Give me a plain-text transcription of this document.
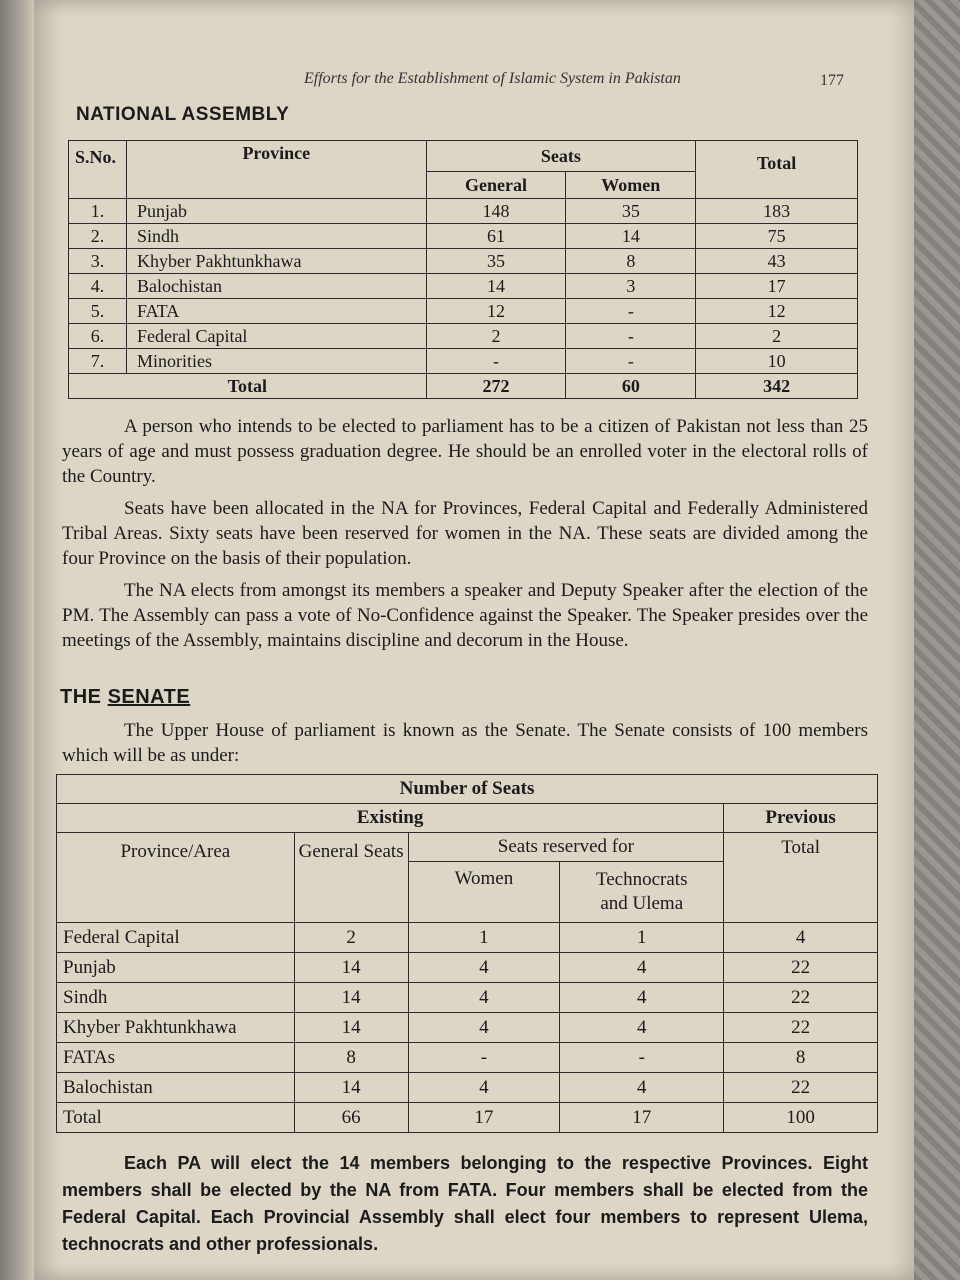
Efforts for the Establishment of Islamic System in Pakistan	177
NATIONAL ASSEMBLY
S.No.	Province	Seats		Total
		General	Women	
1.	Punjab	148	35	183
2.	Sindh	61	14	75
3.	Khyber Pakhtunkhawa	35	8	43
4.	Balochistan	14	3	17
5.	FATA	12	-	12
6.	Federal Capital	2	-	2
7.	Minorities	-	-	10
Total		272	60	342

A person who intends to be elected to parliament has to be a citizen of Pakistan not less than 25 years of age and must possess graduation degree. He should be an enrolled voter in the electoral rolls of the Country.

Seats have been allocated in the NA for Provinces, Federal Capital and Federally Administered Tribal Areas. Sixty seats have been reserved for women in the NA. These seats are divided among the four Province on the basis of their population.

The NA elects from amongst its members a speaker and Deputy Speaker after the election of the PM. The Assembly can pass a vote of No-Confidence against the Speaker. The Speaker presides over the meetings of the Assembly, maintains discipline and decorum in the House.

THE SENATE

The Upper House of parliament is known as the Senate. The Senate consists of 100 members which will be as under:

Number of Seats				
Existing				Previous
Province/Area	General Seats	Seats reserved for		Total
		Women	Technocrats and Ulema	
Federal Capital	2	1	1	4
Punjab	14	4	4	22
Sindh	14	4	4	22
Khyber Pakhtunkhawa	14	4	4	22
FATAs	8	-	-	8
Balochistan	14	4	4	22
Total	66	17	17	100

Each PA will elect the 14 members belonging to the respective Provinces. Eight members shall be elected by the NA from FATA. Four members shall be elected from the Federal Capital. Each Provincial Assembly shall elect four members to represent Ulema, technocrats and other professionals.
